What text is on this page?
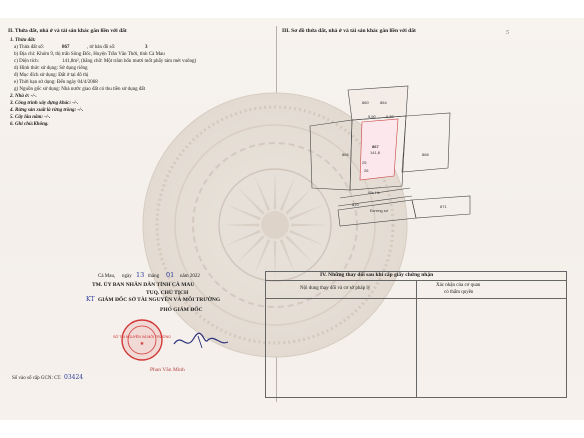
II. Thửa đất, nhà ở và tài sản khác gắn liền với đất
1. Thửa đất:
a) Thửa đất số:	867	, tờ bản đồ số:	3
b) Địa chỉ: Khóm 9, thị trấn Sông Đốc, Huyện Trần Văn Thời, tỉnh Cà Mau
c) Diện tích:	141,8m², (bằng chữ: Một trăm bốn mươi mốt phẩy tám mét vuông)
d) Hình thức sử dụng: Sử dụng riêng
đ) Mục đích sử dụng: Đất ở tại đô thị
e) Thời hạn sử dụng: Đến ngày 04/4/2068
g) Nguồn gốc sử dụng: Nhà nước giao đất có thu tiền sử dụng đất
2. Nhà ở: -/-.
3. Công trình xây dựng khác: -/-.
4. Rừng sản xuất là rừng trồng: -/-.
5. Cây lâu năm: -/-.
6. Ghi chú:Không.
III. Sơ đồ thửa đất, nhà ở và tài sản khác gắn liền với đất	5
860
5,50
864
5,50
866	868
867
141,8
25
26
Vỉa Hè
Đường số
870	871
Cà Mau, ngày 13 tháng 01 năm 2022
TM. ỦY BAN NHÂN DÂN TỈNH CÀ MAU
TUQ. CHỦ TỊCH
KT GIÁM ĐỐC SỞ TÀI NGUYÊN VÀ MÔI TRƯỜNG
PHÓ GIÁM ĐỐC
SỞ TÀI NGUYÊN VÀ MÔI TRƯỜNG
★
Phan Văn Minh
IV. Những thay đổi sau khi cấp giấy chứng nhận
Nội dung thay đổi và cơ sở pháp lý
Xác nhận của cơ quan
có thẩm quyền
Số vào sổ cấp GCN: CT. 03424
